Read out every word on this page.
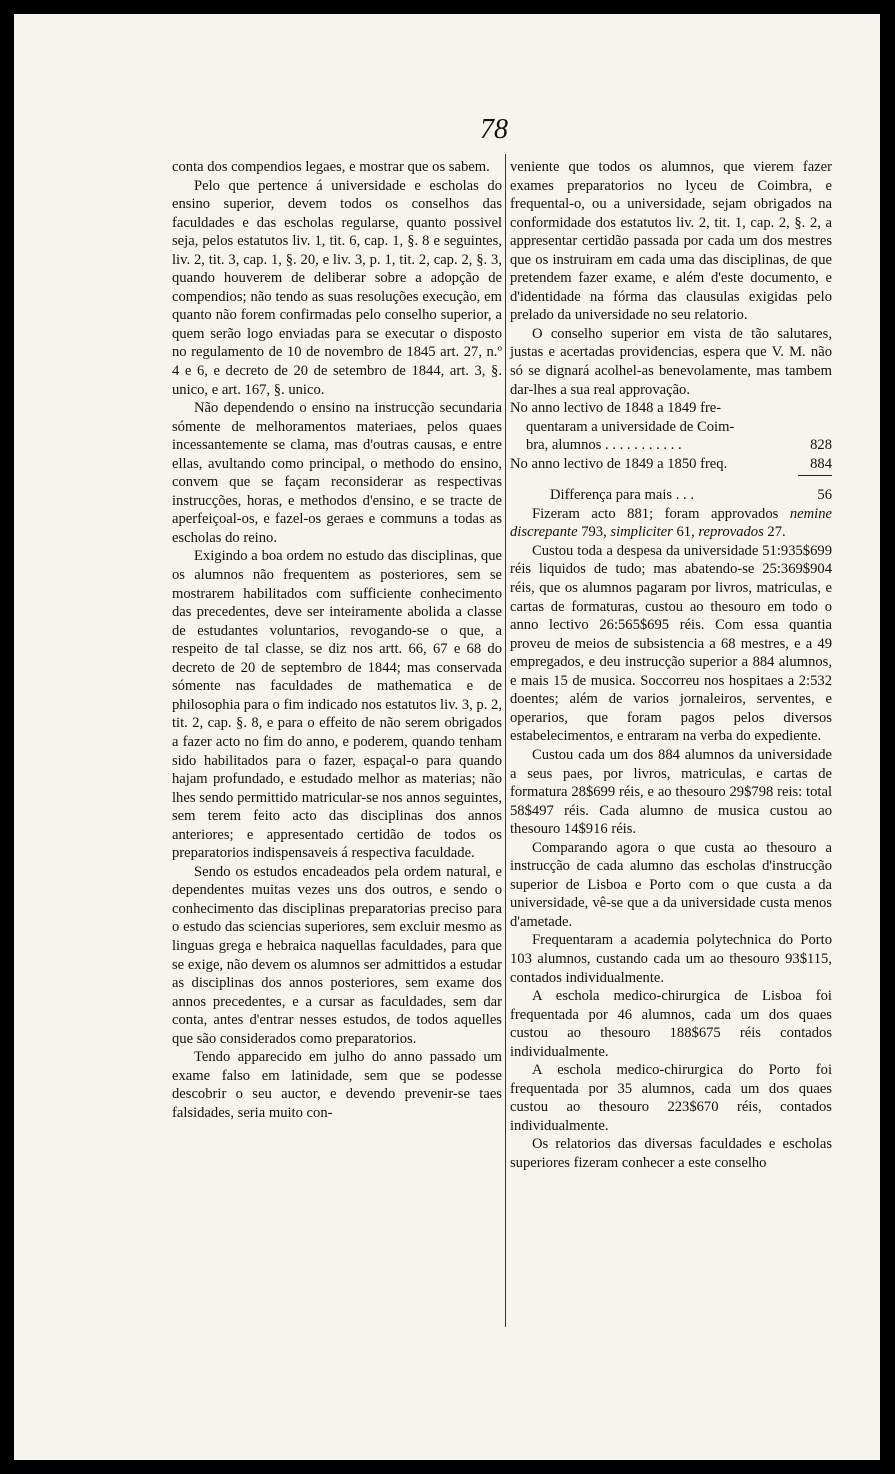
78

conta dos compendios legaes, e mostrar que os sabem.

Pelo que pertence á universidade e escholas do ensino superior, devem todos os conselhos das faculdades e das escholas regularse, quanto possivel seja, pelos estatutos liv. 1, tit. 6, cap. 1, §. 8 e seguintes, liv. 2, tit. 3, cap. 1, §. 20, e liv. 3, p. 1, tit. 2, cap. 2, §. 3, quando houverem de deliberar sobre a adopção de compendios; não tendo as suas resoluções execução, em quanto não forem confirmadas pelo conselho superior, a quem serão logo enviadas para se executar o disposto no regulamento de 10 de novembro de 1845 art. 27, n.º 4 e 6, e decreto de 20 de setembro de 1844, art. 3, §. unico, e art. 167, §. unico.

Não dependendo o ensino na instrucção secundaria sómente de melhoramentos materiaes, pelos quaes incessantemente se clama, mas d'outras causas, e entre ellas, avultando como principal, o methodo do ensino, convem que se façam reconsiderar as respectivas instrucções, horas, e methodos d'ensino, e se tracte de aperfeiçoal-os, e fazel-os geraes e communs a todas as escholas do reino.

Exigindo a boa ordem no estudo das disciplinas, que os alumnos não frequentem as posteriores, sem se mostrarem habilitados com sufficiente conhecimento das precedentes, deve ser inteiramente abolida a classe de estudantes voluntarios, revogando-se o que, a respeito de tal classe, se diz nos artt. 66, 67 e 68 do decreto de 20 de septembro de 1844; mas conservada sómente nas faculdades de mathematica e de philosophia para o fim indicado nos estatutos liv. 3, p. 2, tit. 2, cap. §. 8, e para o effeito de não serem obrigados a fazer acto no fim do anno, e poderem, quando tenham sido habilitados para o fazer, espaçal-o para quando hajam profundado, e estudado melhor as materias; não lhes sendo permittido matricular-se nos annos seguintes, sem terem feito acto das disciplinas dos annos anteriores; e appresentado certidão de todos os preparatorios indispensaveis á respectiva faculdade.

Sendo os estudos encadeados pela ordem natural, e dependentes muitas vezes uns dos outros, e sendo o conhecimento das disciplinas preparatorias preciso para o estudo das sciencias superiores, sem excluir mesmo as linguas grega e hebraica naquellas faculdades, para que se exige, não devem os alumnos ser admittidos a estudar as disciplinas dos annos posteriores, sem exame dos annos precedentes, e a cursar as faculdades, sem dar conta, antes d'entrar nesses estudos, de todos aquelles que são considerados como preparatorios.

Tendo apparecido em julho do anno passado um exame falso em latinidade, sem que se podesse descobrir o seu auctor, e devendo prevenir-se taes falsidades, seria muito con-

veniente que todos os alumnos, que vierem fazer exames preparatorios no lyceu de Coimbra, e frequental-o, ou a universidade, sejam obrigados na conformidade dos estatutos liv. 2, tit. 1, cap. 2, §. 2, a appresentar certidão passada por cada um dos mestres que os instruiram em cada uma das disciplinas, de que pretendem fazer exame, e além d'este documento, e d'identidade na fórma das clausulas exigidas pelo prelado da universidade no seu relatorio.

O conselho superior em vista de tão salutares, justas e acertadas providencias, espera que V. M. não só se dignará acolhel-as benevolamente, mas tambem dar-lhes a sua real approvação.

No anno lectivo de 1848 a 1849 fre-
quentaram a universidade de Coim-
bra, alumnos . . . . . . . . . . .	828
No anno lectivo de 1849 a 1850 freq.	884
Differença para mais . . .	56

Fizeram acto 881; foram approvados nemine discrepante 793, simpliciter 61, reprovados 27.

Custou toda a despesa da universidade 51:935$699 réis liquidos de tudo; mas abatendo-se 25:369$904 réis, que os alumnos pagaram por livros, matriculas, e cartas de formaturas, custou ao thesouro em todo o anno lectivo 26:565$695 réis. Com essa quantia proveu de meios de subsistencia a 68 mestres, e a 49 empregados, e deu instrucção superior a 884 alumnos, e mais 15 de musica. Soccorreu nos hospitaes a 2:532 doentes; além de varios jornaleiros, serventes, e operarios, que foram pagos pelos diversos estabelecimentos, e entraram na verba do expediente.

Custou cada um dos 884 alumnos da universidade a seus paes, por livros, matriculas, e cartas de formatura 28$699 réis, e ao thesouro 29$798 reis: total 58$497 réis. Cada alumno de musica custou ao thesouro 14$916 réis.

Comparando agora o que custa ao thesouro a instrucção de cada alumno das escholas d'instrucção superior de Lisboa e Porto com o que custa a da universidade, vê-se que a da universidade custa menos d'ametade.

Frequentaram a academia polytechnica do Porto 103 alumnos, custando cada um ao thesouro 93$115, contados individualmente.

A eschola medico-chirurgica de Lisboa foi frequentada por 46 alumnos, cada um dos quaes custou ao thesouro 188$675 réis contados individualmente.

A eschola medico-chirurgica do Porto foi frequentada por 35 alumnos, cada um dos quaes custou ao thesouro 223$670 réis, contados individualmente.

Os relatorios das diversas faculdades e escholas superiores fizeram conhecer a este conselho
